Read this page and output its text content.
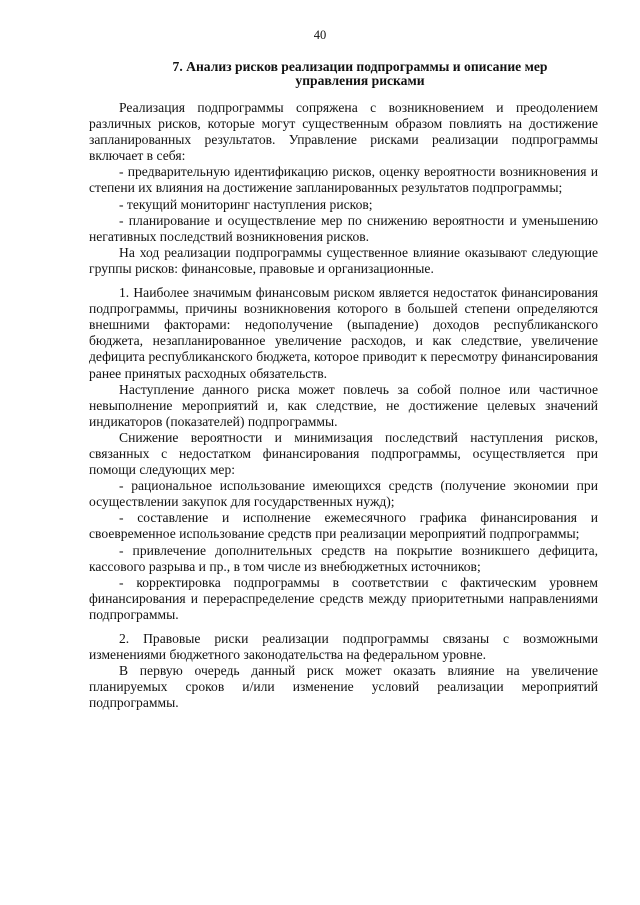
40
7. Анализ рисков реализации подпрограммы и описание мер
управления рисками

Реализация подпрограммы сопряжена с возникновением и преодолением различных рисков, которые могут существенным образом повлиять на достижение запланированных результатов. Управление рисками реализации подпрограммы включает в себя:

- предварительную идентификацию рисков, оценку вероятности возникновения и степени их влияния на достижение запланированных результатов подпрограммы;

- текущий мониторинг наступления рисков;

- планирование и осуществление мер по снижению вероятности и уменьшению негативных последствий возникновения рисков.

На ход реализации подпрограммы существенное влияние оказывают следующие группы рисков: финансовые, правовые и организационные.

1. Наиболее значимым финансовым риском является недостаток финансирования подпрограммы, причины возникновения которого в большей степени определяются внешними факторами: недополучение (выпадение) доходов республиканского бюджета, незапланированное увеличение расходов, и как следствие, увеличение дефицита республиканского бюджета, которое приводит к пересмотру финансирования ранее принятых расходных обязательств.

Наступление данного риска может повлечь за собой полное или частичное невыполнение мероприятий и, как следствие, не достижение целевых значений индикаторов (показателей) подпрограммы.

Снижение вероятности и минимизация последствий наступления рисков, связанных с недостатком финансирования подпрограммы, осуществляется при помощи следующих мер:

- рациональное использование имеющихся средств (получение экономии при осуществлении закупок для государственных нужд);

- составление и исполнение ежемесячного графика финансирования и своевременное использование средств при реализации мероприятий подпрограммы;

- привлечение дополнительных средств на покрытие возникшего дефицита, кассового разрыва и пр., в том числе из внебюджетных источников;

- корректировка подпрограммы в соответствии с фактическим уровнем финансирования и перераспределение средств между приоритетными направлениями подпрограммы.

2. Правовые риски реализации подпрограммы связаны с возможными изменениями бюджетного законодательства на федеральном уровне.

В первую очередь данный риск может оказать влияние на увеличение планируемых сроков и/или изменение условий реализации мероприятий подпрограммы.
